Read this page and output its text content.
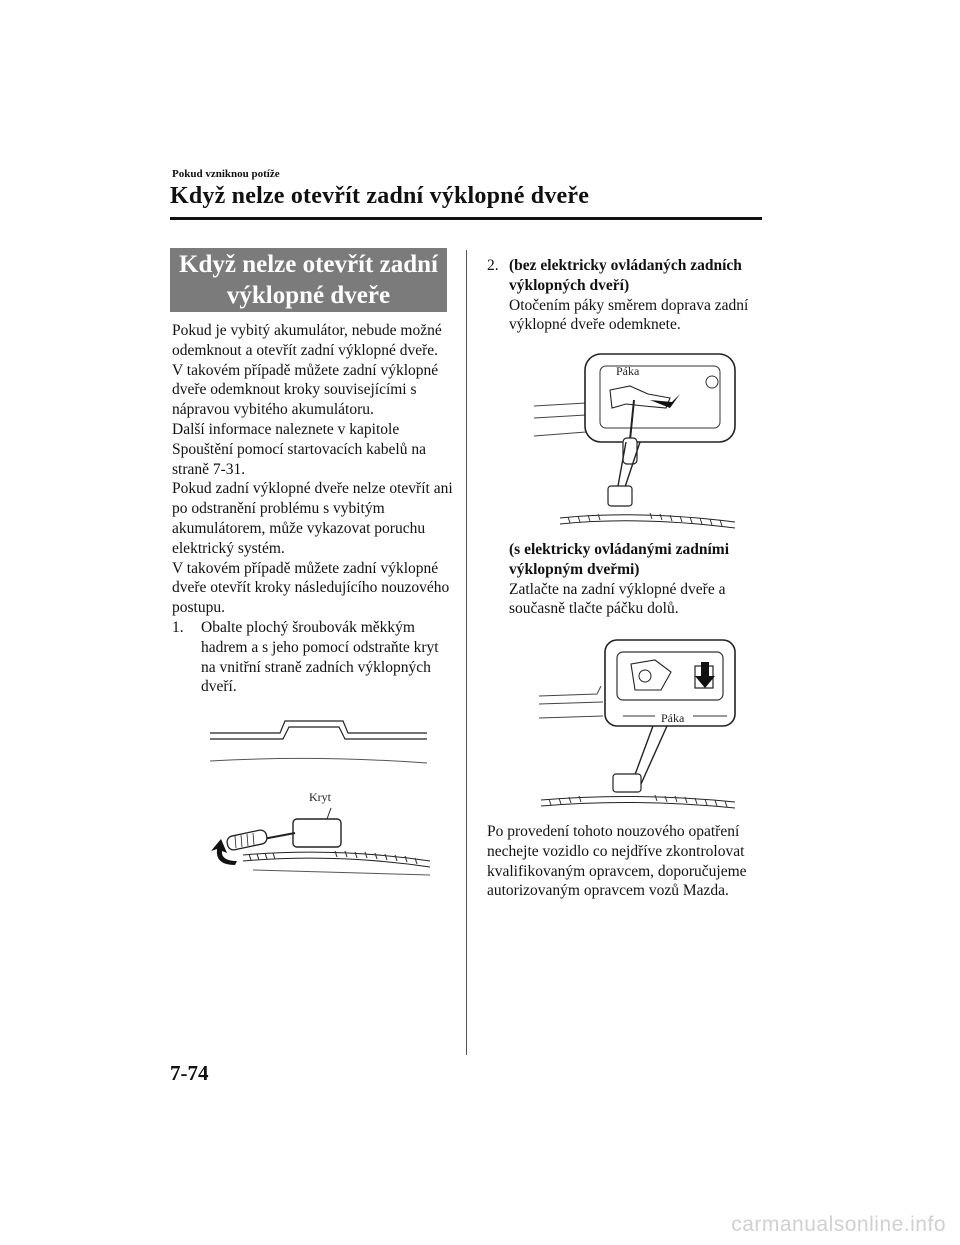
Pokud vzniknou potíže
Když nelze otevřít zadní výklopné dveře
Když nelze otevřít zadní
výklopné dveře

Pokud je vybitý akumulátor, nebude možné odemknout a otevřít zadní výklopné dveře.

V takovém případě můžete zadní výklopné dveře odemknout kroky souvisejícími s nápravou vybitého akumulátoru.

Další informace naleznete v kapitole Spouštění pomocí startovacích kabelů na straně 7-31.

Pokud zadní výklopné dveře nelze otevřít ani po odstranění problému s vybitým akumulátorem, může vykazovat poruchu elektrický systém.

V takovém případě můžete zadní výklopné dveře otevřít kroky následujícího nouzového postupu.

1. Obalte plochý šroubovák měkkým hadrem a s jeho pomocí odstraňte kryt na vnitřní straně zadních výklopných dveří.
Kryt
2. (bez elektricky ovládaných zadních výklopných dveří)
Otočením páky směrem doprava zadní výklopné dveře odemknete.
Páka
(s elektricky ovládanými zadními výklopným dveřmi)
Zatlačte na zadní výklopné dveře a současně tlačte páčku dolů.
Páka
Po provedení tohoto nouzového opatření nechejte vozidlo co nejdříve zkontrolovat kvalifikovaným opravcem, doporučujeme autorizovaným opravcem vozů Mazda.
7-74
carmanualsonline.info
